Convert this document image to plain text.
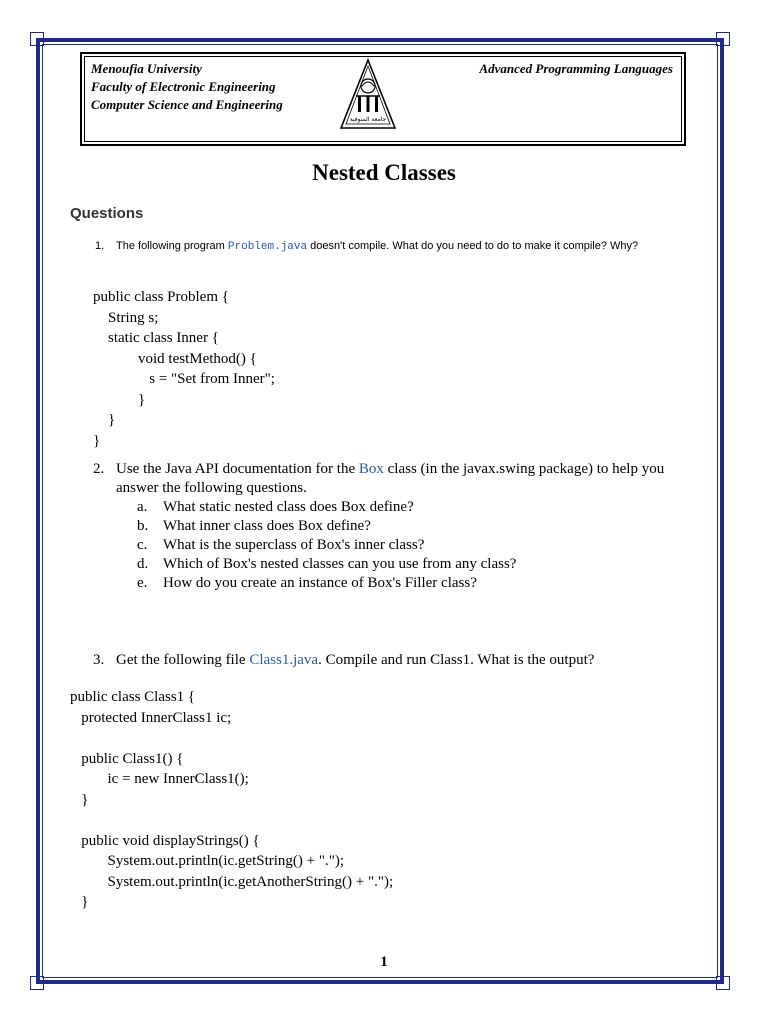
Menoufia University
Faculty of Electronic Engineering
Computer Science and Engineering
Advanced Programming Languages
جامعة المنوفية
Nested Classes
Questions
1. The following program Problem.java doesn't compile. What do you need to do to make it compile? Why?
public class Problem {
String s;
static class Inner {
void testMethod() {
s = "Set from Inner";
}
}
}
2. Use the Java API documentation for the Box class (in the javax.swing package) to help you answer the following questions.
a. What static nested class does Box define?
b. What inner class does Box define?
c. What is the superclass of Box's inner class?
d. Which of Box's nested classes can you use from any class?
e. How do you create an instance of Box's Filler class?
3. Get the following file Class1.java. Compile and run Class1. What is the output?
public class Class1 {
protected InnerClass1 ic;

public Class1() {
ic = new InnerClass1();
}

public void displayStrings() {
System.out.println(ic.getString() + ".");
System.out.println(ic.getAnotherString() + ".");
}
1
